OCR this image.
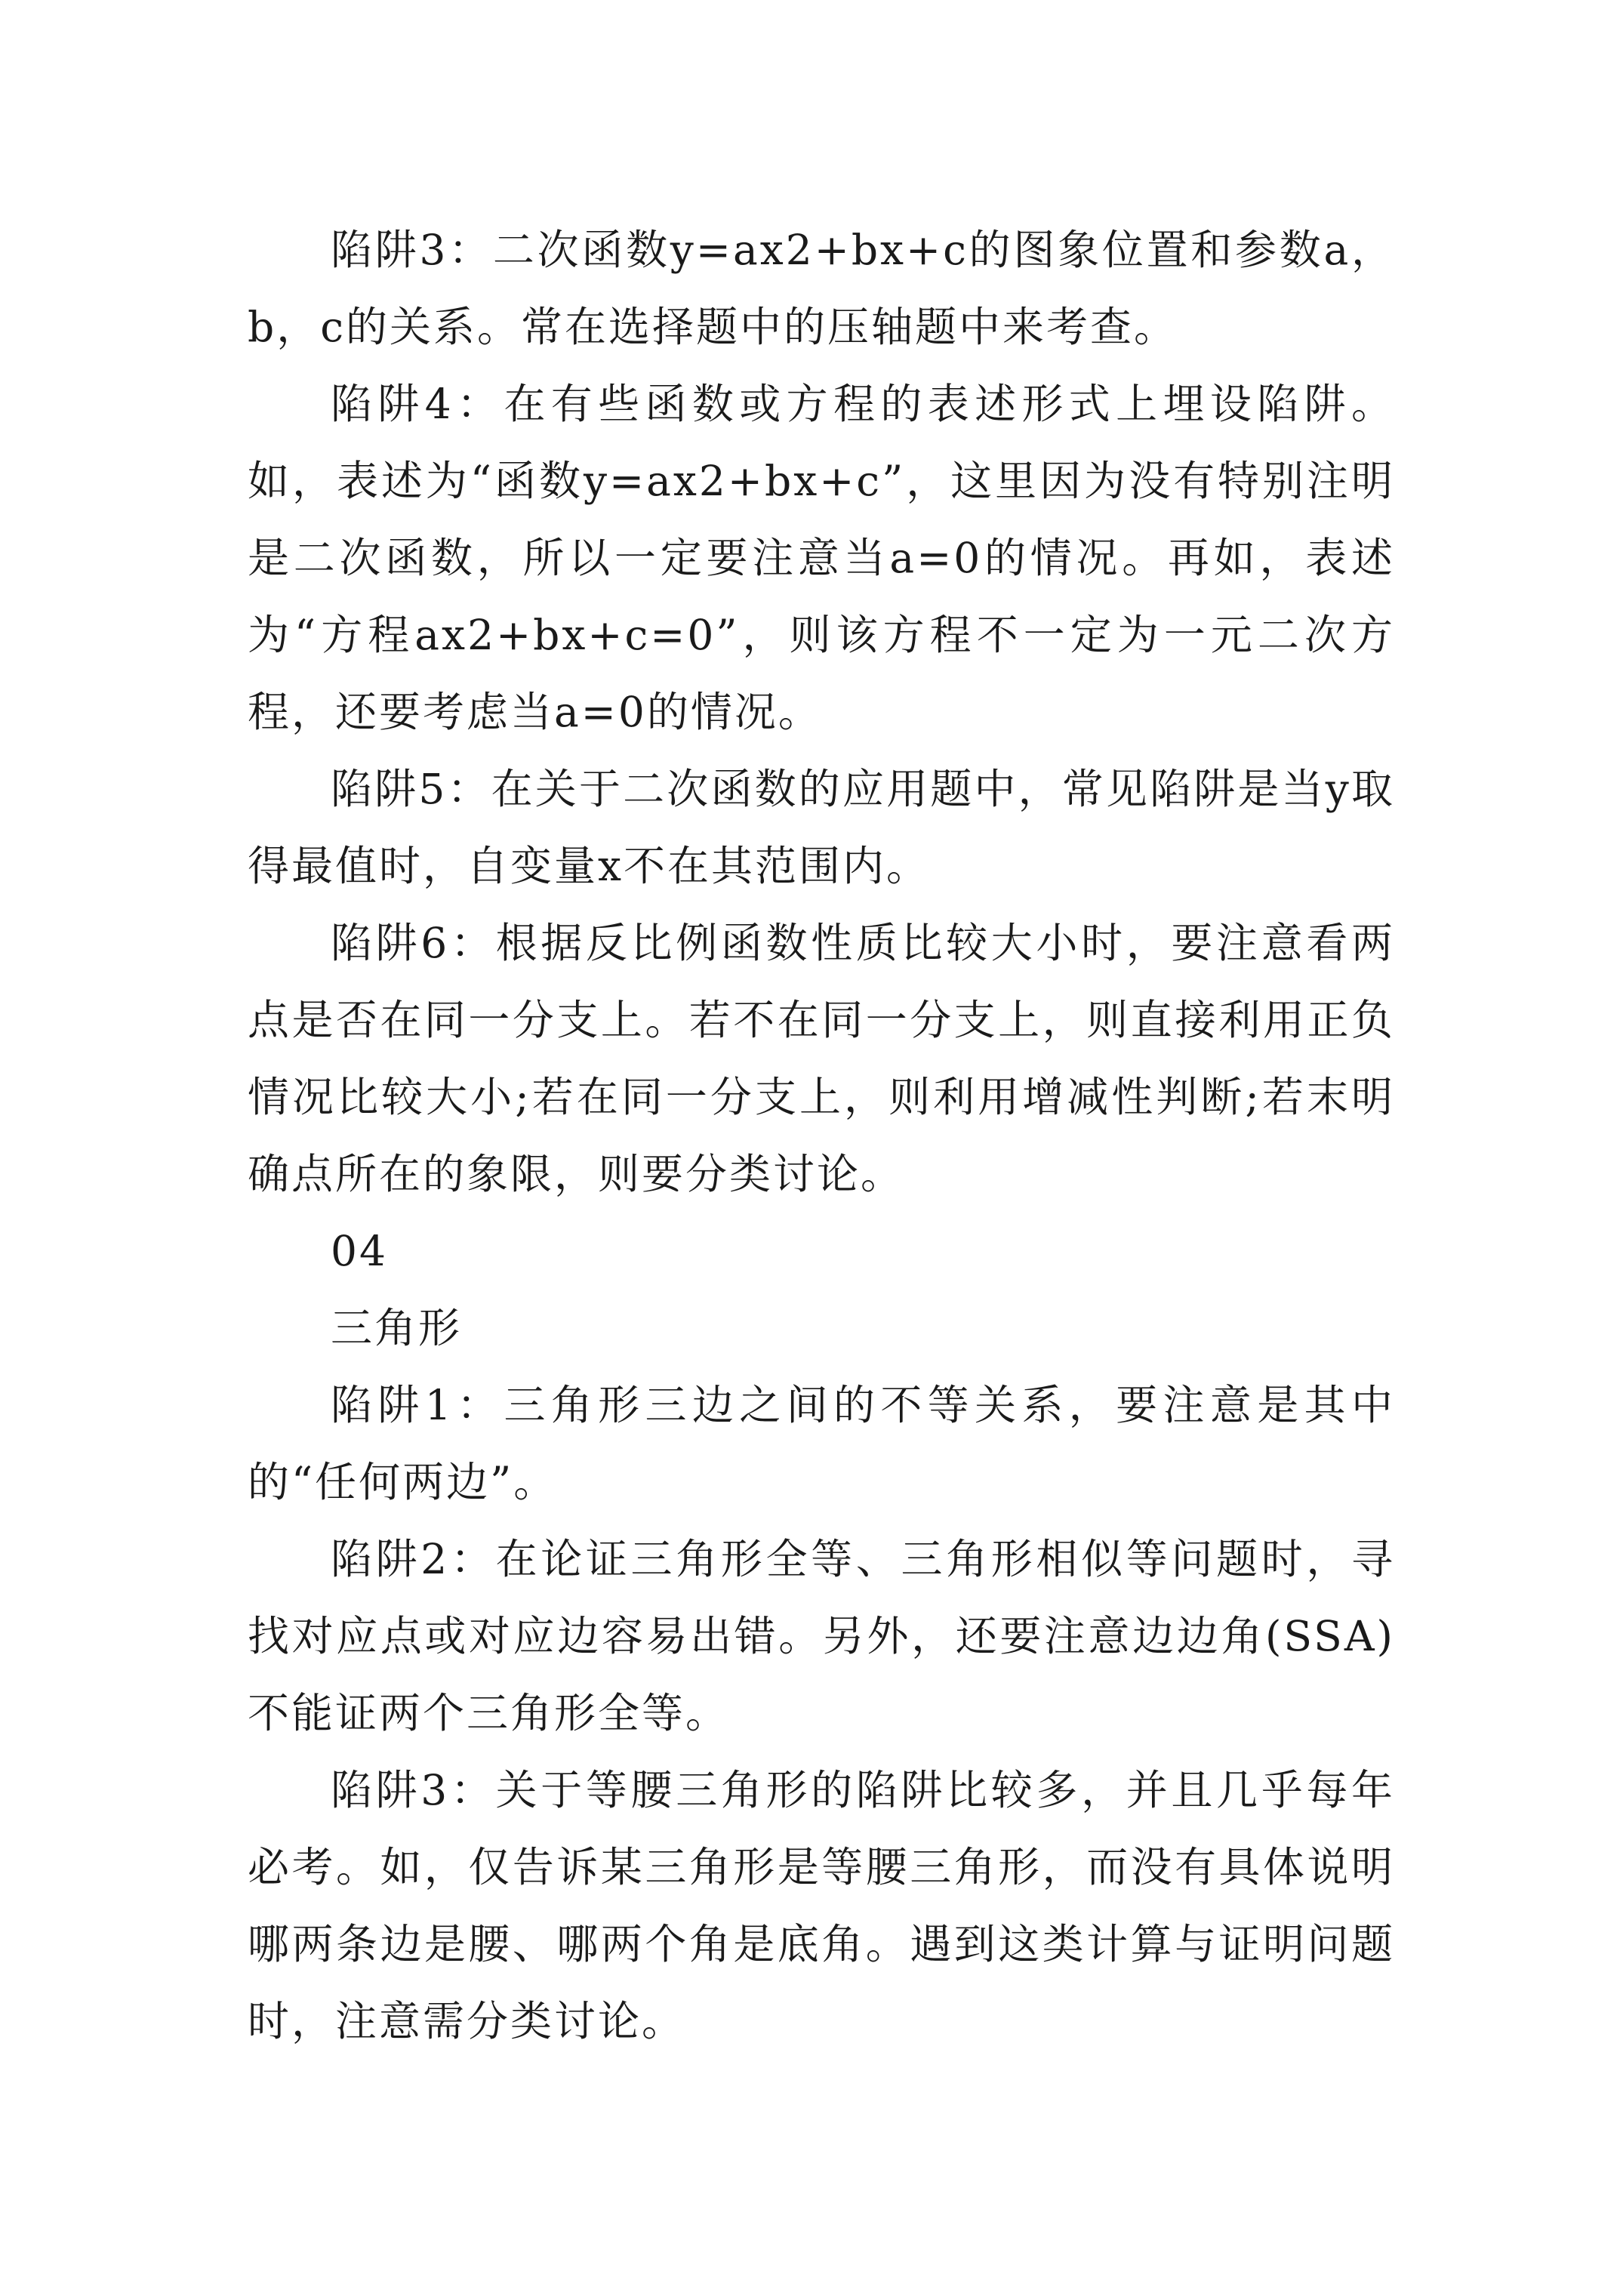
陷阱3：二次函数y=ax2+bx+c的图象位置和参数a，b，c的关系。常在选择题中的压轴题中来考查。

陷阱4：在有些函数或方程的表述形式上埋设陷阱。如，表述为“函数y=ax2+bx+c”，这里因为没有特别注明是二次函数，所以一定要注意当a=0的情况。再如，表述为“方程ax2+bx+c=0”，则该方程不一定为一元二次方程，还要考虑当a=0的情况。

陷阱5：在关于二次函数的应用题中，常见陷阱是当y取得最值时，自变量x不在其范围内。

陷阱6：根据反比例函数性质比较大小时，要注意看两点是否在同一分支上。若不在同一分支上，则直接利用正负情况比较大小;若在同一分支上，则利用增减性判断;若末明确点所在的象限，则要分类讨论。

04

三角形

陷阱1：三角形三边之间的不等关系，要注意是其中的“任何两边”。

陷阱2：在论证三角形全等、三角形相似等问题时，寻找对应点或对应边容易出错。另外，还要注意边边角(SSA)不能证两个三角形全等。

陷阱3：关于等腰三角形的陷阱比较多，并且几乎每年必考。如，仅告诉某三角形是等腰三角形，而没有具体说明哪两条边是腰、哪两个角是底角。遇到这类计算与证明问题时，注意需分类讨论。
